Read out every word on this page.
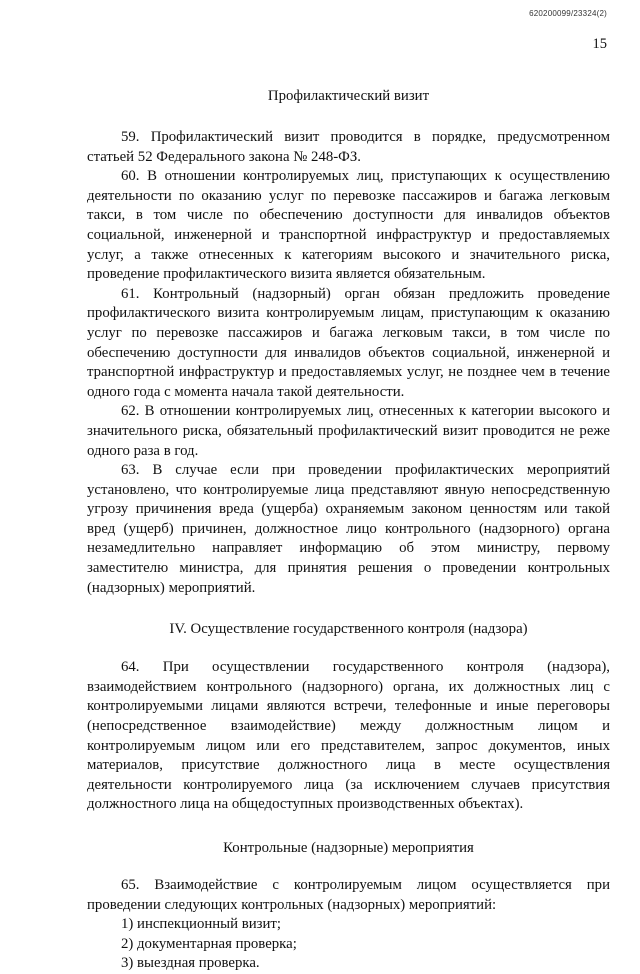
620200099/23324(2)
15
Профилактический визит

59. Профилактический визит проводится в порядке, предусмотренном статьей 52 Федерального закона № 248-ФЗ.

60. В отношении контролируемых лиц, приступающих к осуществлению деятельности по оказанию услуг по перевозке пассажиров и багажа легковым такси, в том числе по обеспечению доступности для инвалидов объектов социальной, инженерной и транспортной инфраструктур и предоставляемых услуг, а также отнесенных к категориям высокого и значительного риска, проведение профилактического визита является обязательным.

61. Контрольный (надзорный) орган обязан предложить проведение профилактического визита контролируемым лицам, приступающим к оказанию услуг по перевозке пассажиров и багажа легковым такси, в том числе по обеспечению доступности для инвалидов объектов социальной, инженерной и транспортной инфраструктур и предоставляемых услуг, не позднее чем в течение одного года с момента начала такой деятельности.

62. В отношении контролируемых лиц, отнесенных к категории высокого и значительного риска, обязательный профилактический визит проводится не реже одного раза в год.

63. В случае если при проведении профилактических мероприятий установлено, что контролируемые лица представляют явную непосредственную угрозу причинения вреда (ущерба) охраняемым законом ценностям или такой вред (ущерб) причинен, должностное лицо контрольного (надзорного) органа незамедлительно направляет информацию об этом министру, первому заместителю министра, для принятия решения о проведении контрольных (надзорных) мероприятий.

IV. Осуществление государственного контроля (надзора)

64. При осуществлении государственного контроля (надзора), взаимодействием контрольного (надзорного) органа, их должностных лиц с контролируемыми лицами являются встречи, телефонные и иные переговоры (непосредственное взаимодействие) между должностным лицом и контролируемым лицом или его представителем, запрос документов, иных материалов, присутствие должностного лица в месте осуществления деятельности контролируемого лица (за исключением случаев присутствия должностного лица на общедоступных производственных объектах).

Контрольные (надзорные) мероприятия

65. Взаимодействие с контролируемым лицом осуществляется при проведении следующих контрольных (надзорных) мероприятий:

1) инспекционный визит;

2) документарная проверка;

3) выездная проверка.
